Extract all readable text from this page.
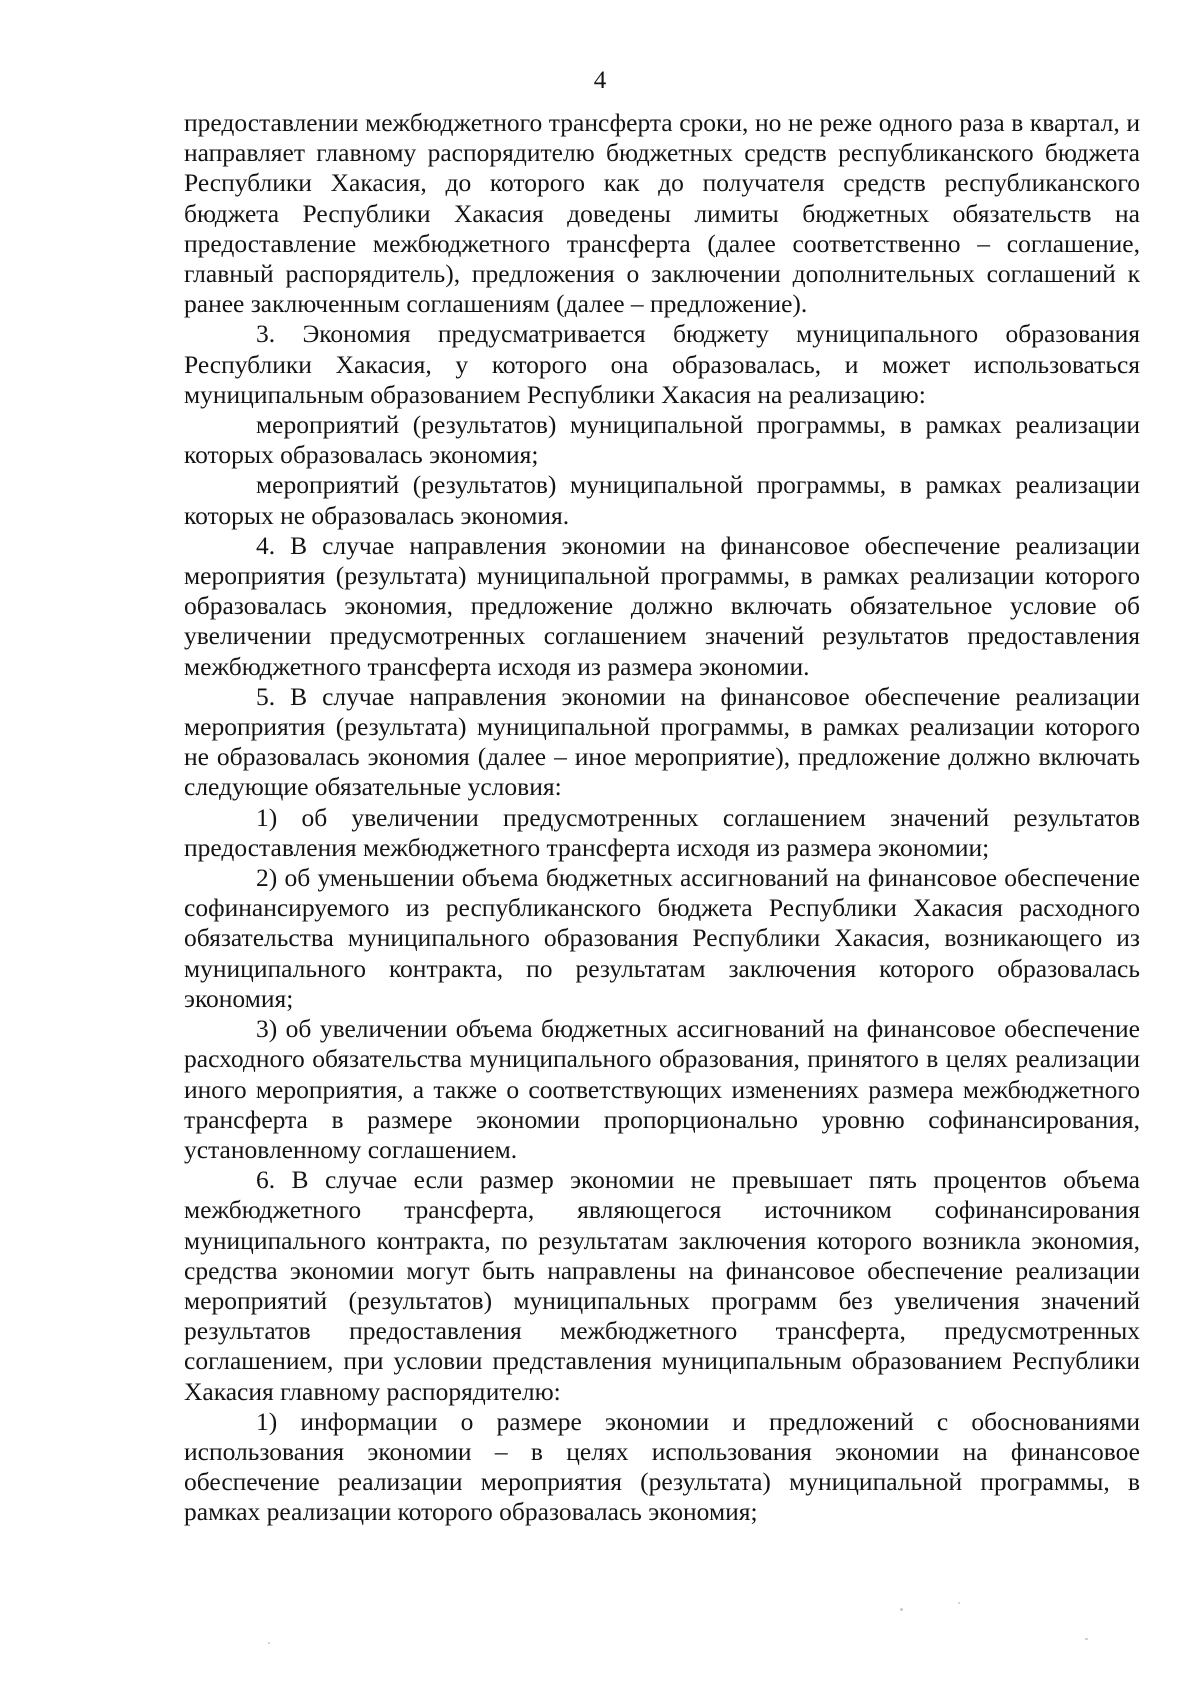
4

предоставлении межбюджетного трансферта сроки, но не реже одного раза в квартал, и направляет главному распорядителю бюджетных средств республиканского бюджета Республики Хакасия, до которого как до получателя средств республиканского бюджета Республики Хакасия доведены лимиты бюджетных обязательств на предоставление межбюджетного трансферта (далее соответственно – соглашение, главный распорядитель), предложения о заключении дополнительных соглашений к ранее заключенным соглашениям (далее – предложение).

3. Экономия предусматривается бюджету муниципального образования Республики Хакасия, у которого она образовалась, и может использоваться муниципальным образованием Республики Хакасия на реализацию:

мероприятий (результатов) муниципальной программы, в рамках реализации которых образовалась экономия;

мероприятий (результатов) муниципальной программы, в рамках реализации которых не образовалась экономия.

4. В случае направления экономии на финансовое обеспечение реализации мероприятия (результата) муниципальной программы, в рамках реализации которого образовалась экономия, предложение должно включать обязательное условие об увеличении предусмотренных соглашением значений результатов предоставления межбюджетного трансферта исходя из размера экономии.

5. В случае направления экономии на финансовое обеспечение реализации мероприятия (результата) муниципальной программы, в рамках реализации которого не образовалась экономия (далее – иное мероприятие), предложение должно включать следующие обязательные условия:

1) об увеличении предусмотренных соглашением значений результатов предоставления межбюджетного трансферта исходя из размера экономии;

2) об уменьшении объема бюджетных ассигнований на финансовое обеспечение софинансируемого из республиканского бюджета Республики Хакасия расходного обязательства муниципального образования Республики Хакасия, возникающего из муниципального контракта, по результатам заключения которого образовалась экономия;

3) об увеличении объема бюджетных ассигнований на финансовое обеспечение расходного обязательства муниципального образования, принятого в целях реализации иного мероприятия, а также о соответствующих изменениях размера межбюджетного трансферта в размере экономии пропорционально уровню софинансирования, установленному соглашением.

6. В случае если размер экономии не превышает пять процентов объема межбюджетного трансферта, являющегося источником софинансирования муниципального контракта, по результатам заключения которого возникла экономия, средства экономии могут быть направлены на финансовое обеспечение реализации мероприятий (результатов) муниципальных программ без увеличения значений результатов предоставления межбюджетного трансферта, предусмотренных соглашением, при условии представления муниципальным образованием Республики Хакасия главному распорядителю:

1) информации о размере экономии и предложений с обоснованиями использования экономии – в целях использования экономии на финансовое обеспечение реализации мероприятия (результата) муниципальной программы, в рамках реализации которого образовалась экономия;
